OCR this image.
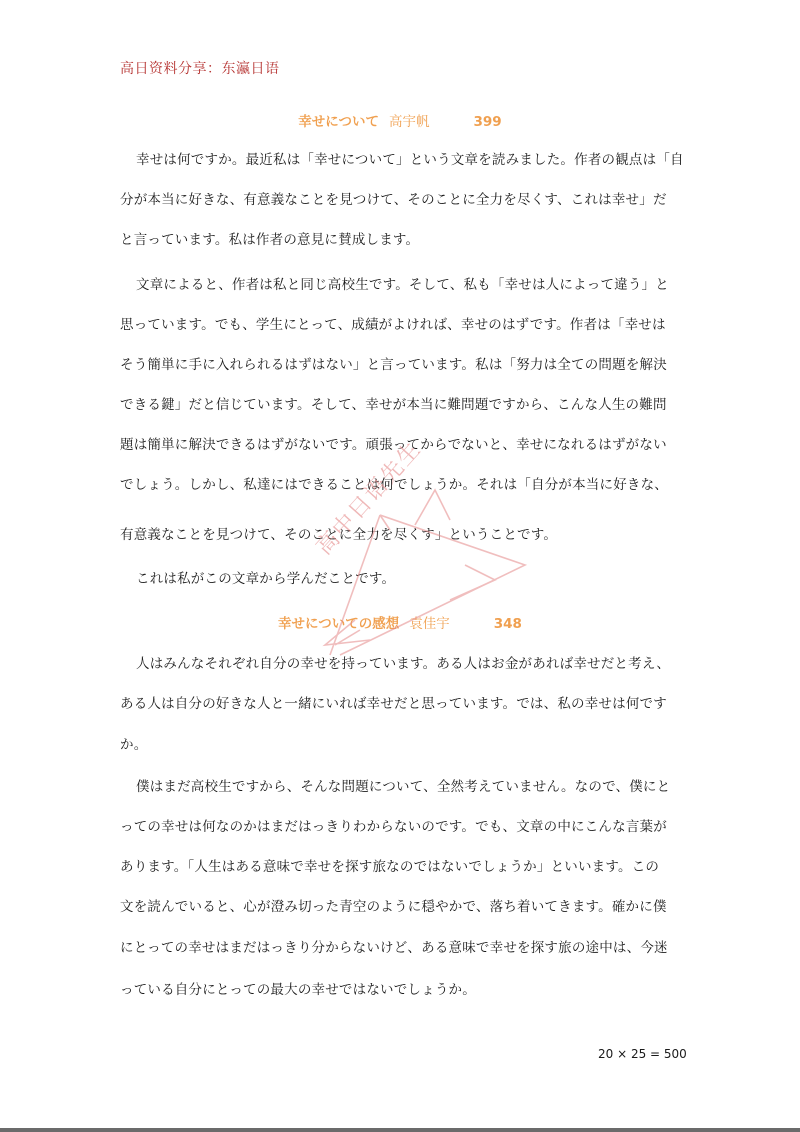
高日资料分享：东瀛日语
幸せについて 高宇帆	399
幸せは何ですか。最近私は「幸せについて」という文章を読みました。作者の観点は「自
分が本当に好きな、有意義なことを見つけて、そのことに全力を尽くす、これは幸せ」だ
と言っています。私は作者の意見に賛成します。
文章によると、作者は私と同じ高校生です。そして、私も「幸せは人によって違う」と
思っています。でも、学生にとって、成績がよければ、幸せのはずです。作者は「幸せは
そう簡単に手に入れられるはずはない」と言っています。私は「努力は全ての問題を解決
できる鍵」だと信じています。そして、幸せが本当に難問題ですから、こんな人生の難問
題は簡単に解決できるはずがないです。頑張ってからでないと、幸せになれるはずがない
でしょう。しかし、私達にはできることは何でしょうか。それは「自分が本当に好きな、
有意義なことを見つけて、そのことに全力を尽くす」ということです。
これは私がこの文章から学んだことです。
幸せについての感想 袁佳宇	348
人はみんなそれぞれ自分の幸せを持っています。ある人はお金があれば幸せだと考え、
ある人は自分の好きな人と一緒にいれば幸せだと思っています。では、私の幸せは何です
か。
僕はまだ高校生ですから、そんな問題について、全然考えていません。なので、僕にと
っての幸せは何なのかはまだはっきりわからないのです。でも、文章の中にこんな言葉が
あります。「人生はある意味で幸せを探す旅なのではないでしょうか」といいます。この
文を読んでいると、心が澄み切った青空のように穏やかで、落ち着いてきます。確かに僕
にとっての幸せはまだはっきり分からないけど、ある意味で幸せを探す旅の途中は、今迷
っている自分にとっての最大の幸せではないでしょうか。
20 × 25 = 500
高中日语先生
